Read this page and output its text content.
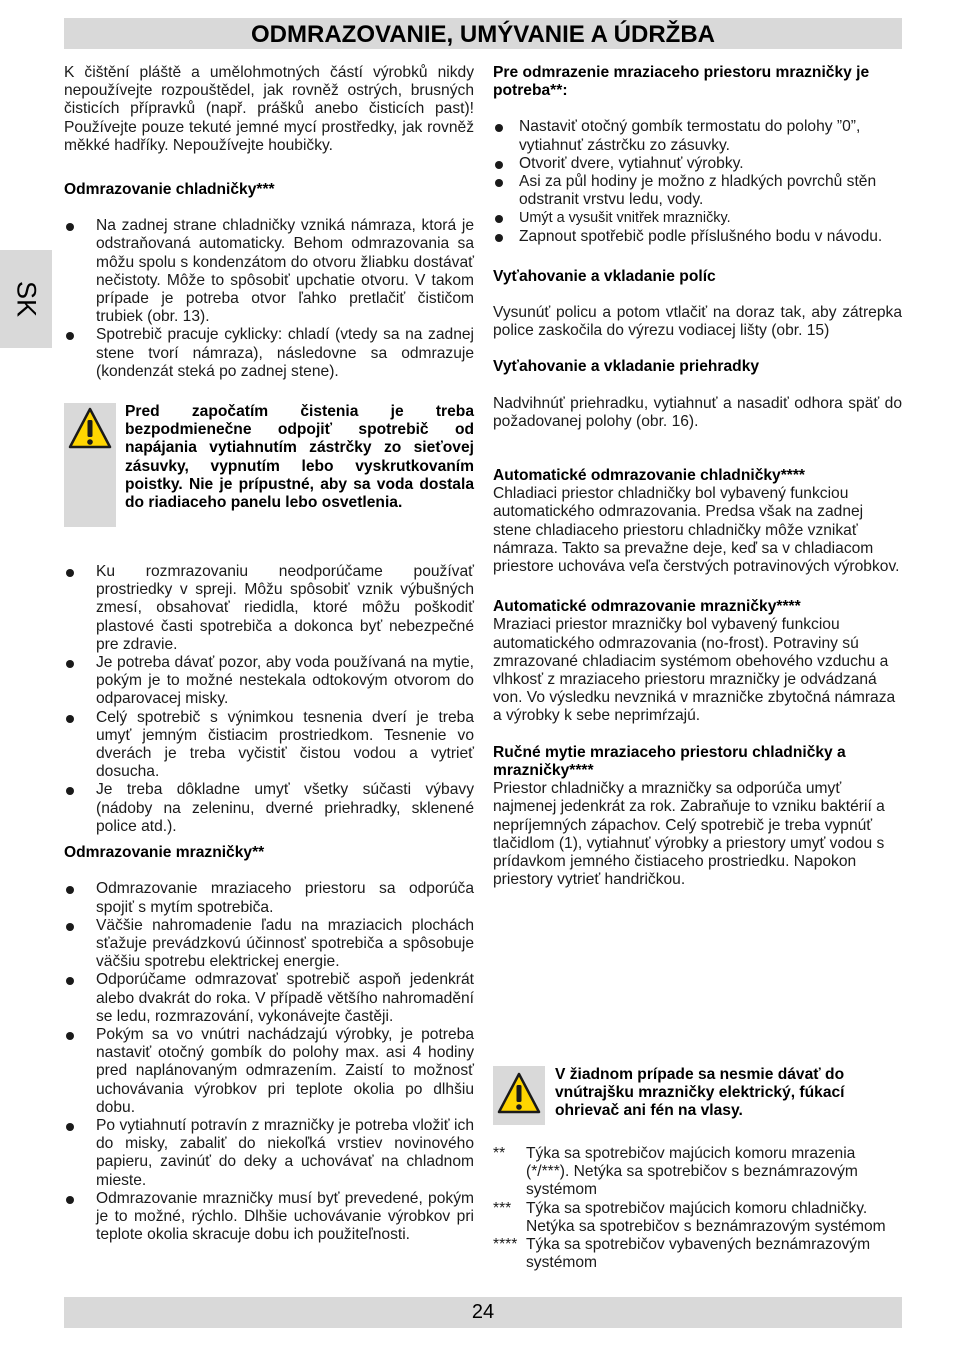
ODMRAZOVANIE, UMÝVANIE A ÚDRŽBA
SK

K čištění pláště a umělohmotných částí výrobků nikdy nepoužívejte rozpouštědel, jak rovněž ostrých, brusných čisticích přípravků (např. prášků anebo čisticích past)! Používejte pouze tekuté jemné mycí prostředky, jak rovněž měkké hadříky. Nepoužívejte houbičky.

Odmrazovanie chladničky***

Na zadnej strane chladničky vzniká námraza, ktorá je odstraňovaná automaticky. Behom odmrazovania sa môžu spolu s kondenzátom do otvoru žliabku dostávať nečistoty. Môže to spôsobiť upchatie otvoru. V takom prípade je potreba otvor ľahko pretlačiť čističom trubiek (obr. 13).
Spotrebič pracuje cyklicky: chladí (vtedy sa na zadnej stene tvorí námraza), následovne sa odmrazuje (kondenzát steká po zadnej stene).
Pred započatím čistenia je treba bezpodmienečne odpojiť spotrebič od napájania vytiahnutím zástrčky zo sieťovej zásuvky, vypnutím lebo vyskrutkovaním poistky. Nie je prípustné, aby sa voda dostala do riadiaceho panelu lebo osvetlenia.
Ku rozmrazovaniu neodporúčame používať prostriedky v spreji. Môžu spôsobiť vznik výbušných zmesí, obsahovať riedidla, ktoré môžu poškodiť plastové časti spotrebiča a dokonca byť nebezpečné pre zdravie.
Je potreba dávať pozor, aby voda používaná na mytie, pokým je to možné nestekala odtokovým otvorom do odparovacej misky.
Celý spotrebič s výnimkou tesnenia dverí je treba umyť jemným čistiacim prostriedkom. Tesnenie vo dverách je treba vyčistiť čistou vodou a vytrieť dosucha.
Je treba dôkladne umyť všetky súčasti výbavy (nádoby na zeleninu, dverné priehradky, sklenené police atd.).

Odmrazovanie mrazničky**

Odmrazovanie mraziaceho priestoru sa odporúča spojiť s mytím spotrebiča.
Väčšie nahromadenie ľadu na mraziacich plochách sťažuje prevádzkovú účinnosť spotrebiča a spôsobuje väčšiu spotrebu elektrickej energie.
Odporúčame odmrazovať spotrebič aspoň jedenkrát alebo dvakrát do roka. V případě většího nahromadění se ledu, rozmrazování, vykonávejte častěji.
Pokým sa vo vnútri nachádzajú výrobky, je potreba nastaviť otočný gombík do polohy max. asi 4 hodiny pred naplánovaným odmrazením. Zaistí to možnosť uchovávania výrobkov pri teplote okolia po dlhšiu dobu.
Po vytiahnutí potravín z mrazničky je potreba vložiť ich do misky, zabaliť do niekoľká vrstiev novinového papieru, zavinúť do deky a uchovávať na chladnom mieste.
Odmrazovanie mrazničky musí byť prevedené, pokým je to možné, rýchlo. Dlhšie uchovávanie výrobkov pri teplote okolia skracuje dobu ich použiteľnosti.

Pre odmrazenie mraziaceho priestoru mrazničky je potreba**:

Nastaviť otočný gombík termostatu do polohy ”0”, vytiahnuť zástrčku zo zásuvky.
Otvoriť dvere, vytiahnuť výrobky.
Asi za půl hodiny je možno z hladkých povrchů stěn odstranit vrstvu ledu, vody.
Umýt a vysušit vnitřek mrazničky.
Zapnout spotřebič podle příslušného bodu v návodu.

Vyťahovanie a vkladanie políc

Vysunúť policu a potom vtlačiť na doraz tak, aby zátrepka police zaskočila do výrezu vodiacej lišty (obr. 15)

Vyťahovanie a vkladanie priehradky

Nadvihnúť priehradku, vytiahnuť a nasadiť odhora späť do požadovanej polohy (obr. 16).

Automatické odmrazovanie chladničky****

Chladiaci priestor chladničky bol vybavený funkciou automatického odmrazovania. Predsa však na zadnej stene chladiaceho priestoru chladničky môže vznikať námraza. Takto sa prevažne deje, keď sa v chladiacom priestore uchováva veľa čerstvých potravinových výrobkov.

Automatické odmrazovanie mrazničky****

Mraziaci priestor mrazničky bol vybavený funkciou automatického odmrazovania (no-frost). Potraviny sú zmrazované chladiacim systémom obehového vzduchu a vlhkosť z mraziaceho priestoru mrazničky je odvádzaná von. Vo výsledku nevzniká v mrazničke zbytočná námraza a výrobky k sebe neprimŕzajú.

Ručné mytie mraziaceho priestoru chladničky a mrazničky****

Priestor chladničky a mrazničky sa odporúča umyť najmenej jedenkrát za rok. Zabraňuje to vzniku baktérií a nepríjemných zápachov. Celý spotrebič je treba vypnúť tlačidlom (1), vytiahnuť výrobky a priestory umyť vodou s prídavkom jemného čistiaceho prostriedku. Napokon priestory vytrieť handričkou.

V žiadnom prípade sa nesmie dávať do vnútrajšku mrazničky elektrický, fúkací ohrievač ani fén na vlasy.
**	Týka sa spotrebičov majúcich komoru mrazenia (*/***). Netýka sa spotrebičov s beznámrazovým systémom
*** Týka sa spotrebičov majúcich komoru chladničky. Netýka sa spotrebičov s beznámrazovým systémom
**** Týka sa spotrebičov vybavených beznámrazovým systémom
24
